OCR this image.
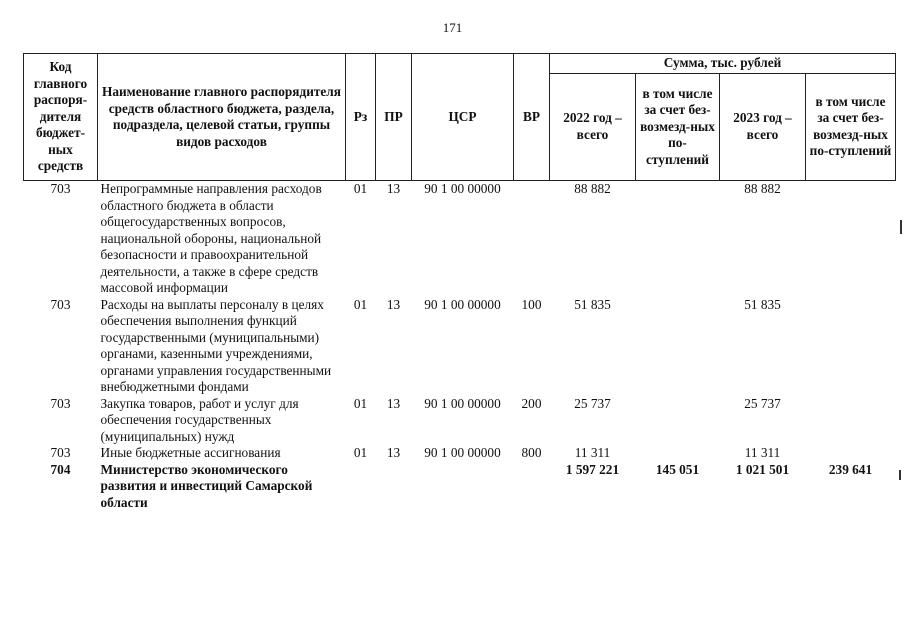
171
Код главного распоря-дителя бюджет-ных средств	Наименование главного распорядителя средств областного бюджета, раздела, подраздела, целевой статьи, группы видов расходов	Рз	ПР	ЦСР	ВР	Сумма, тыс. рублей			
						2022 год – всего	в том числе за счет без-возмезд-ных по-ступлений	2023 год – всего	в том числе за счет без-возмезд-ных по-ступлений
703	Непрограммные направления расходов областного бюджета в области общегосударственных вопросов, национальной обороны, национальной безопасности и правоохранительной деятельности, а также в сфере средств массовой информации	01	13	90 1 00 00000		88 882		88 882	
703	Расходы на выплаты персоналу в целях обеспечения выполнения функций государственными (муниципальными) органами, казенными учреждениями, органами управления государственными внебюджетными фондами	01	13	90 1 00 00000	100	51 835		51 835	
703	Закупка товаров, работ и услуг для обеспечения государственных (муниципальных) нужд	01	13	90 1 00 00000	200	25 737		25 737	
703	Иные бюджетные ассигнования	01	13	90 1 00 00000	800	11 311		11 311	
704	Министерство экономического развития и инвестиций Самарской области					1 597 221	145 051	1 021 501	239 641
